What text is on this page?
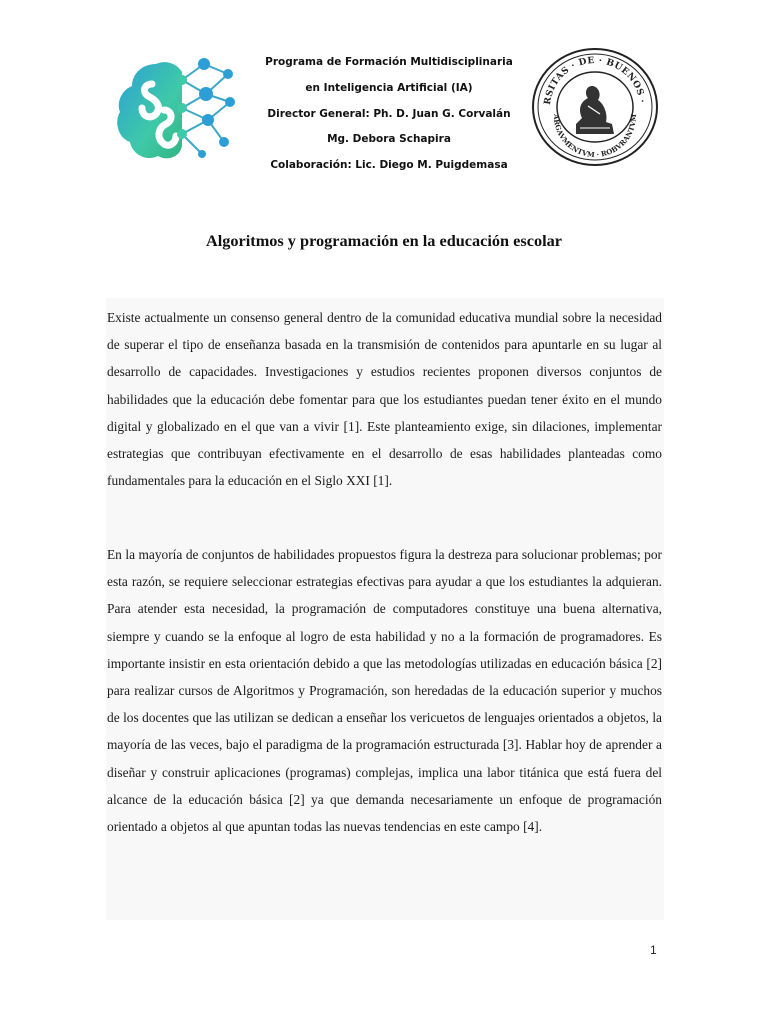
Programa de Formación Multidisciplinaria
en Inteligencia Artificial (IA)
Director General: Ph. D. Juan G. Corvalán
Mg. Debora Schapira
Colaboración: Lic. Diego M. Puigdemasa
RSITAS · DE · BUENOS ·
ARGAVMENTVM · ROBVRANTVM
Algoritmos y programación en la educación escolar

Existe actualmente un consenso general dentro de la comunidad educativa mundial sobre la necesidad de superar el tipo de enseñanza basada en la transmisión de contenidos para apuntarle en su lugar al desarrollo de capacidades. Investigaciones y estudios recientes proponen diversos conjuntos de habilidades que la educación debe fomentar para que los estudiantes puedan tener éxito en el mundo digital y globalizado en el que van a vivir [1]. Este planteamiento exige, sin dilaciones, implementar estrategias que contribuyan efectivamente en el desarrollo de esas habilidades planteadas como fundamentales para la educación en el Siglo XXI [1].

En la mayoría de conjuntos de habilidades propuestos figura la destreza para solucionar problemas; por esta razón, se requiere seleccionar estrategias efectivas para ayudar a que los estudiantes la adquieran. Para atender esta necesidad, la programación de computadores constituye una buena alternativa, siempre y cuando se la enfoque al logro de esta habilidad y no a la formación de programadores. Es importante insistir en esta orientación debido a que las metodologías utilizadas en educación básica [2] para realizar cursos de Algoritmos y Programación, son heredadas de la educación superior y muchos de los docentes que las utilizan se dedican a enseñar los vericuetos de lenguajes orientados a objetos, la mayoría de las veces, bajo el paradigma de la programación estructurada [3]. Hablar hoy de aprender a diseñar y construir aplicaciones (programas) complejas, implica una labor titánica que está fuera del alcance de la educación básica [2] ya que demanda necesariamente un enfoque de programación orientado a objetos al que apuntan todas las nuevas tendencias en este campo [4].

1
